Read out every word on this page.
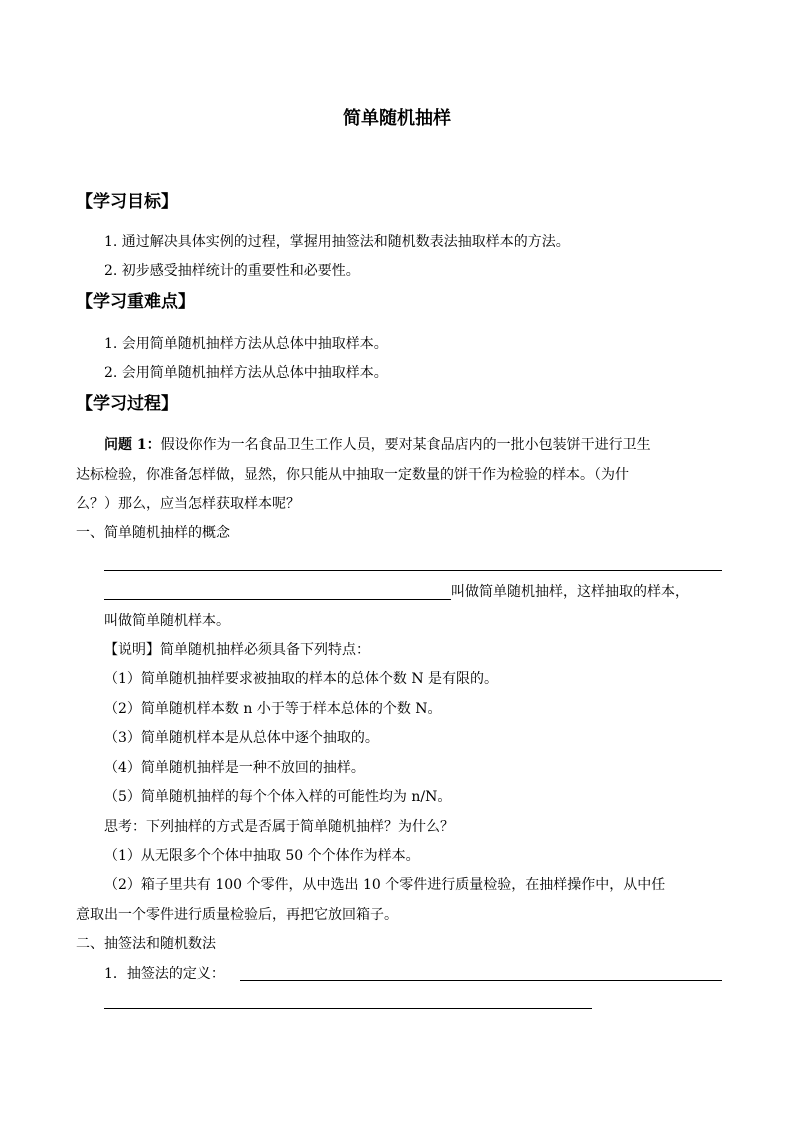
简单随机抽样
【学习目标】
1. 通过解决具体实例的过程，掌握用抽签法和随机数表法抽取样本的方法。
2. 初步感受抽样统计的重要性和必要性。
【学习重难点】
1. 会用简单随机抽样方法从总体中抽取样本。
2. 会用简单随机抽样方法从总体中抽取样本。
【学习过程】
问题 1：假设你作为一名食品卫生工作人员，要对某食品店内的一批小包装饼干进行卫生
达标检验，你准备怎样做，显然，你只能从中抽取一定数量的饼干作为检验的样本。（为什
么？）那么，应当怎样获取样本呢？
一、简单随机抽样的概念
叫做简单随机抽样，这样抽取的样本，
叫做简单随机样本。
【说明】简单随机抽样必须具备下列特点：
（1）简单随机抽样要求被抽取的样本的总体个数 N 是有限的。
（2）简单随机样本数 n 小于等于样本总体的个数 N。
（3）简单随机样本是从总体中逐个抽取的。
（4）简单随机抽样是一种不放回的抽样。
（5）简单随机抽样的每个个体入样的可能性均为 n/N。
思考：下列抽样的方式是否属于简单随机抽样？为什么？
（1）从无限多个个体中抽取 50 个个体作为样本。
（2）箱子里共有 100 个零件，从中选出 10 个零件进行质量检验，在抽样操作中，从中任
意取出一个零件进行质量检验后，再把它放回箱子。
二、抽签法和随机数法
1．抽签法的定义：
